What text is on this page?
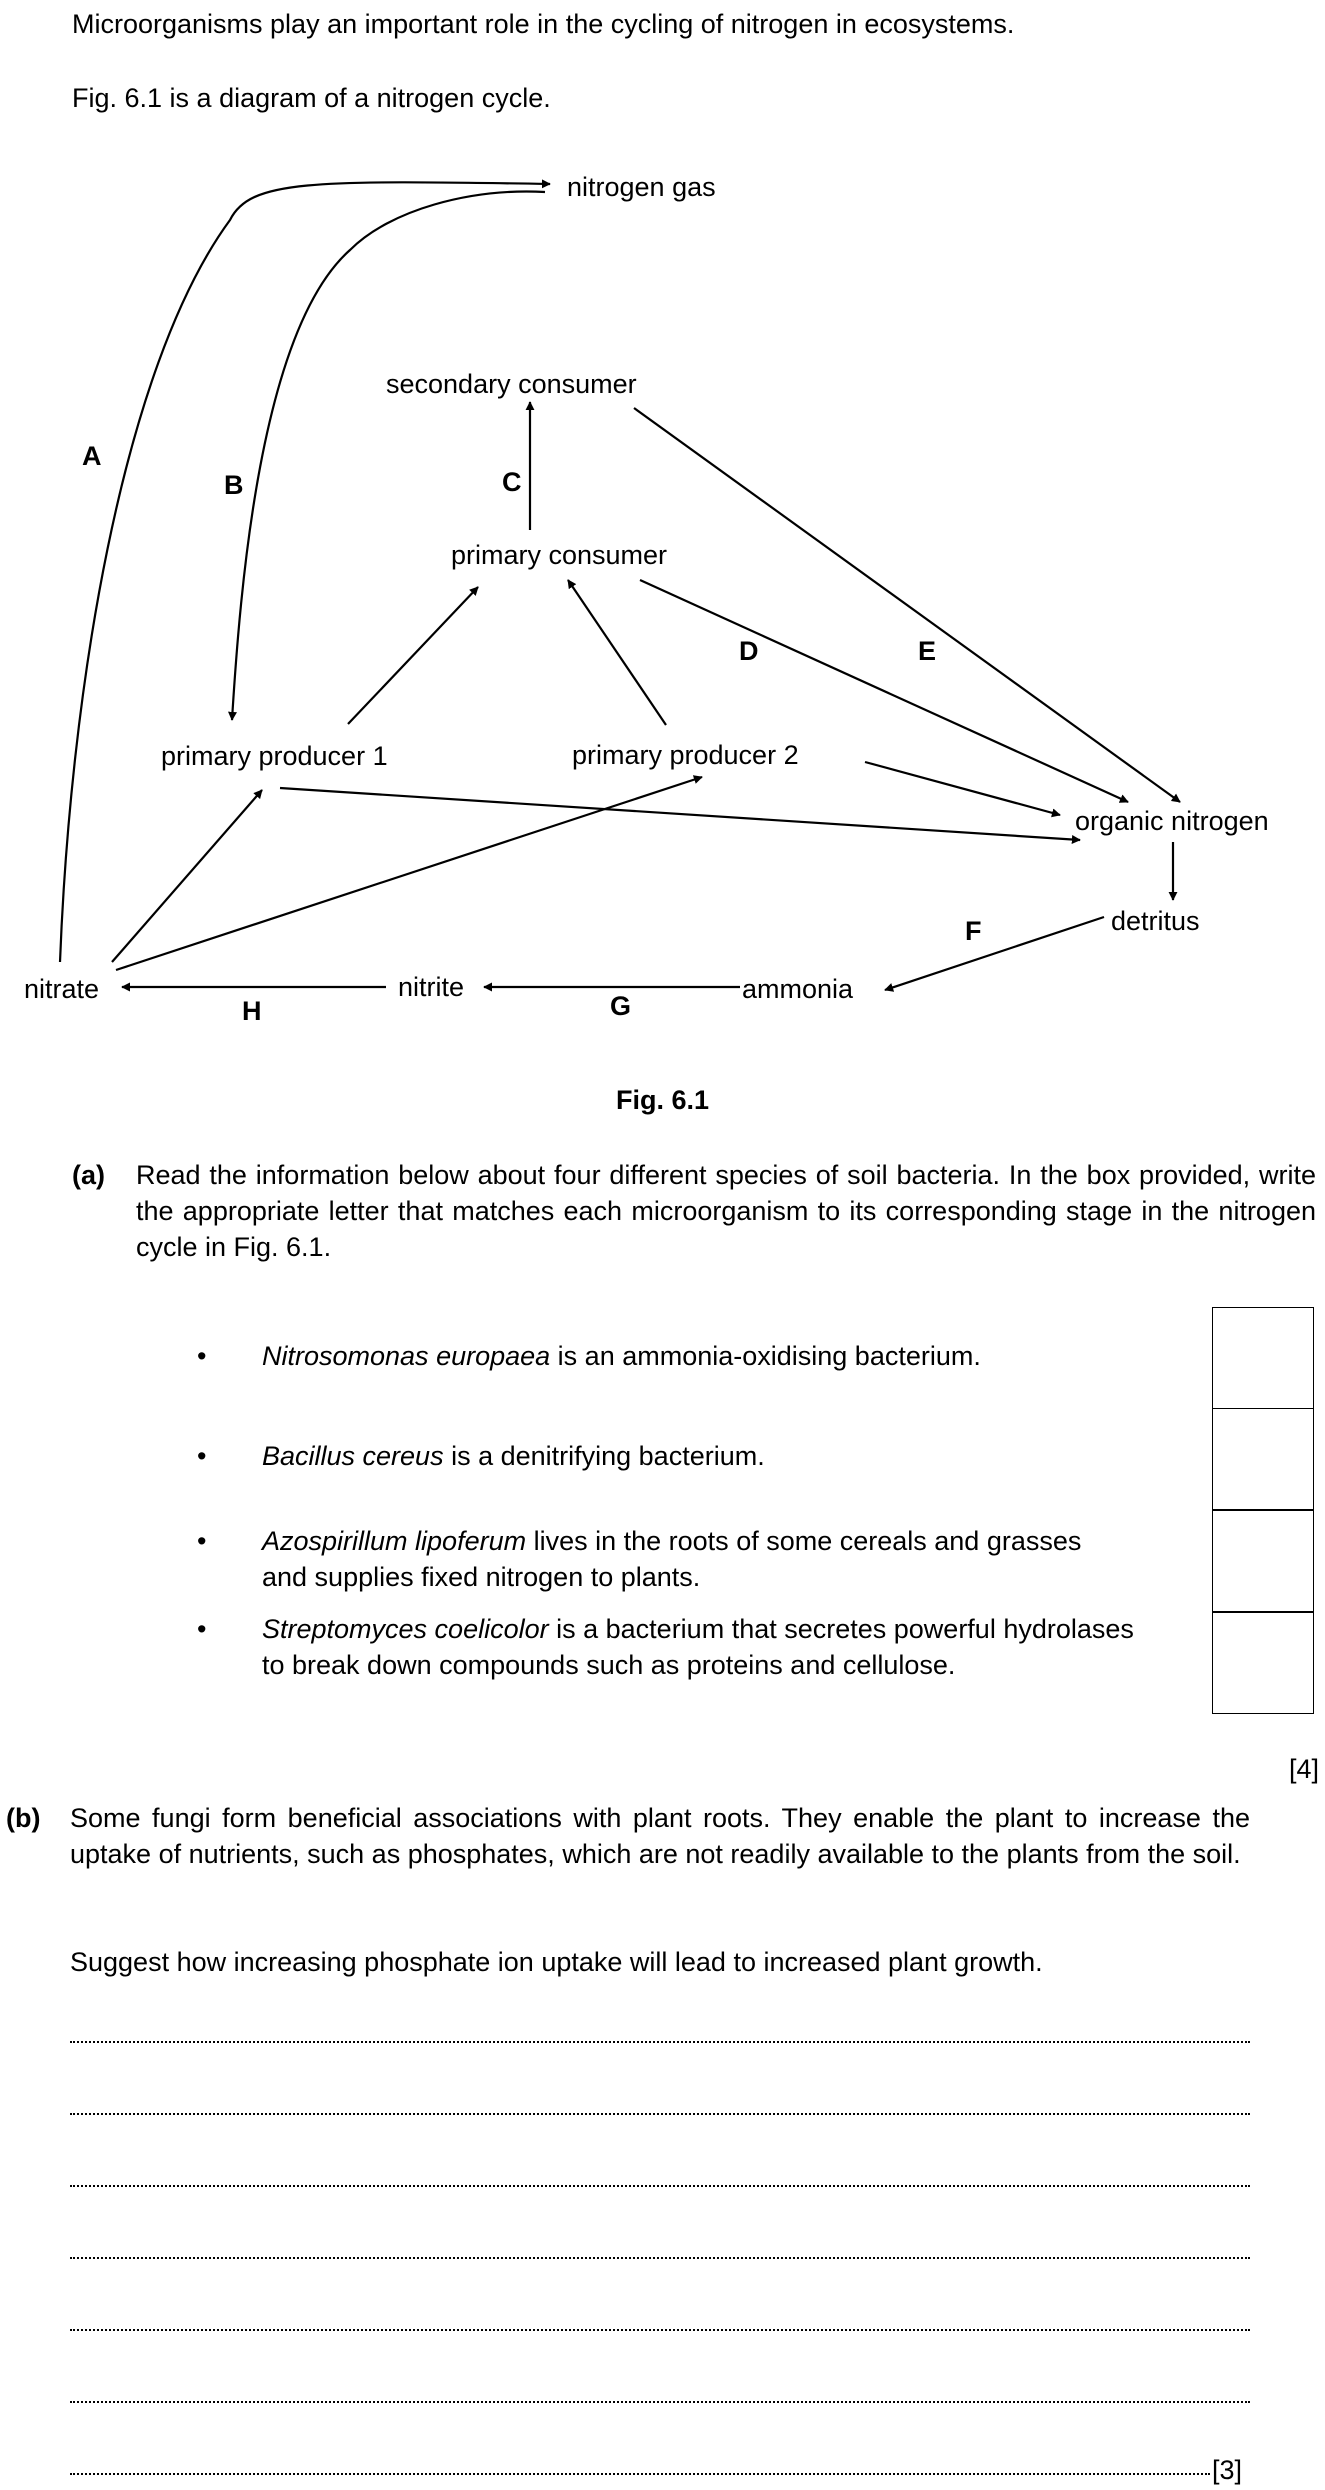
Microorganisms play an important role in the cycling of nitrogen in ecosystems.
Fig. 6.1 is a diagram of a nitrogen cycle.
nitrogen gas
secondary consumer
primary consumer
primary producer 1	primary producer 2
organic nitrogen
detritus
nitrate	nitrite	ammonia
A
B	C
D	E
F
G
H
Fig. 6.1
(a) Read the information below about four different species of soil bacteria. In the box provided, write the appropriate letter that matches each microorganism to its corresponding stage in the nitrogen cycle in Fig. 6.1.
• Nitrosomonas europaea is an ammonia-oxidising bacterium.
• Bacillus cereus is a denitrifying bacterium.
• Azospirillum lipoferum lives in the roots of some cereals and grasses and supplies fixed nitrogen to plants.
• Streptomyces coelicolor is a bacterium that secretes powerful hydrolases to break down compounds such as proteins and cellulose.
[4]
(b) Some fungi form beneficial associations with plant roots. They enable the plant to increase the uptake of nutrients, such as phosphates, which are not readily available to the plants from the soil.
Suggest how increasing phosphate ion uptake will lead to increased plant growth.
[3]
